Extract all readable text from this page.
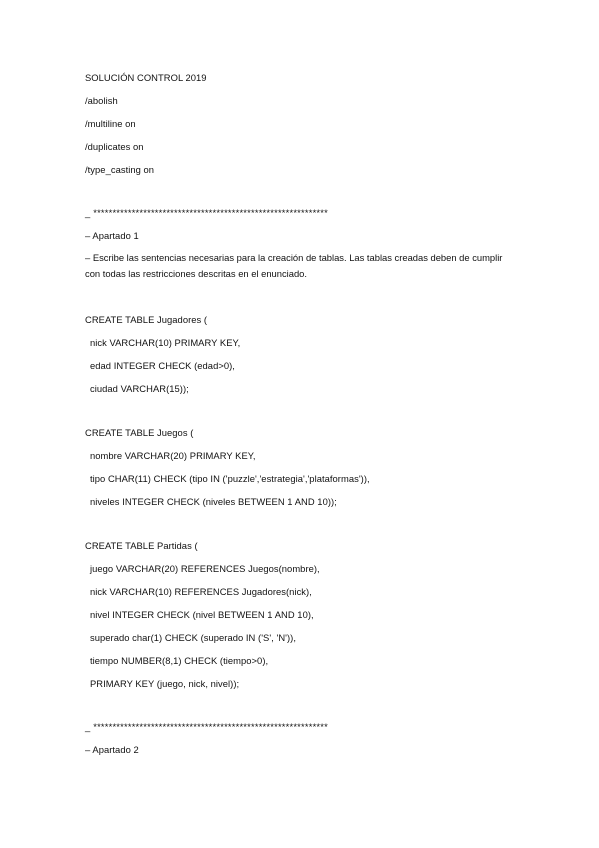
SOLUCIÓN CONTROL 2019
/abolish
/multiline on
/duplicates on
/type_casting on
_ *************************************************************
– Apartado 1
– Escribe las sentencias necesarias para la creación de tablas. Las tablas creadas deben de cumplir con todas las restricciones descritas en el enunciado.
CREATE TABLE Jugadores (
nick VARCHAR(10) PRIMARY KEY,
edad INTEGER CHECK (edad>0),
ciudad VARCHAR(15));
CREATE TABLE Juegos (
nombre VARCHAR(20) PRIMARY KEY,
tipo CHAR(11) CHECK (tipo IN ('puzzle','estrategia','plataformas')),
niveles INTEGER CHECK (niveles BETWEEN 1 AND 10));
CREATE TABLE Partidas (
juego VARCHAR(20) REFERENCES Juegos(nombre),
nick VARCHAR(10) REFERENCES Jugadores(nick),
nivel INTEGER CHECK (nivel BETWEEN 1 AND 10),
superado char(1) CHECK (superado IN ('S', 'N')),
tiempo NUMBER(8,1) CHECK (tiempo>0),
PRIMARY KEY (juego, nick, nivel));
_ *************************************************************
– Apartado 2
